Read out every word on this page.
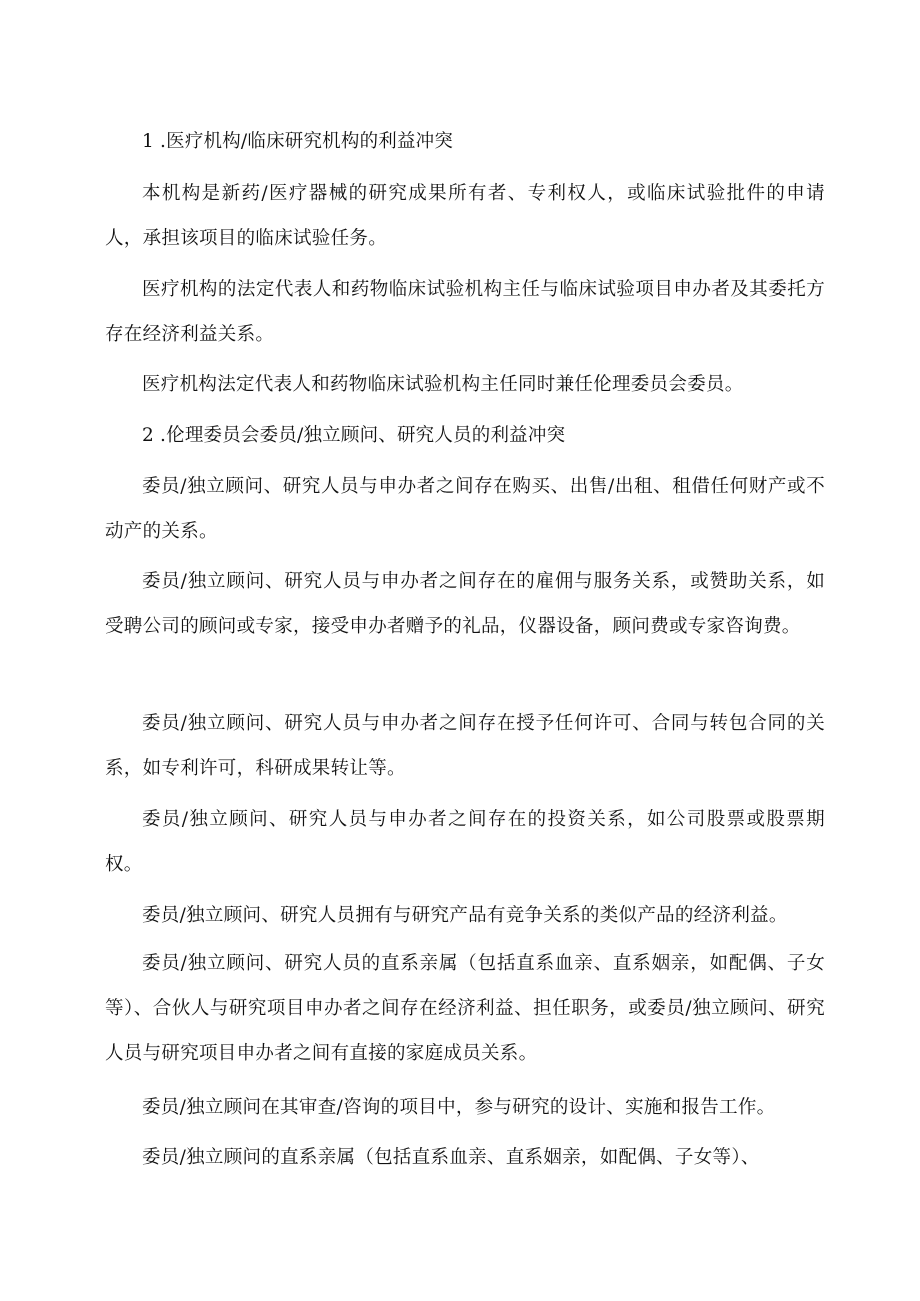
1 .医疗机构/临床研究机构的利益冲突

本机构是新药/医疗器械的研究成果所有者、专利权人，或临床试验批件的申请人，承担该项目的临床试验任务。

医疗机构的法定代表人和药物临床试验机构主任与临床试验项目申办者及其委托方存在经济利益关系。

医疗机构法定代表人和药物临床试验机构主任同时兼任伦理委员会委员。

2 .伦理委员会委员/独立顾问、研究人员的利益冲突

委员/独立顾问、研究人员与申办者之间存在购买、出售/出租、租借任何财产或不动产的关系。

委员/独立顾问、研究人员与申办者之间存在的雇佣与服务关系，或赞助关系，如受聘公司的顾问或专家，接受申办者赠予的礼品，仪器设备，顾问费或专家咨询费。

委员/独立顾问、研究人员与申办者之间存在授予任何许可、合同与转包合同的关系，如专利许可，科研成果转让等。

委员/独立顾问、研究人员与申办者之间存在的投资关系，如公司股票或股票期权。

委员/独立顾问、研究人员拥有与研究产品有竞争关系的类似产品的经济利益。

委员/独立顾问、研究人员的直系亲属（包括直系血亲、直系姻亲，如配偶、子女等）、合伙人与研究项目申办者之间存在经济利益、担任职务，或委员/独立顾问、研究人员与研究项目申办者之间有直接的家庭成员关系。

委员/独立顾问在其审查/咨询的项目中，参与研究的设计、实施和报告工作。

委员/独立顾问的直系亲属（包括直系血亲、直系姻亲，如配偶、子女等）、
